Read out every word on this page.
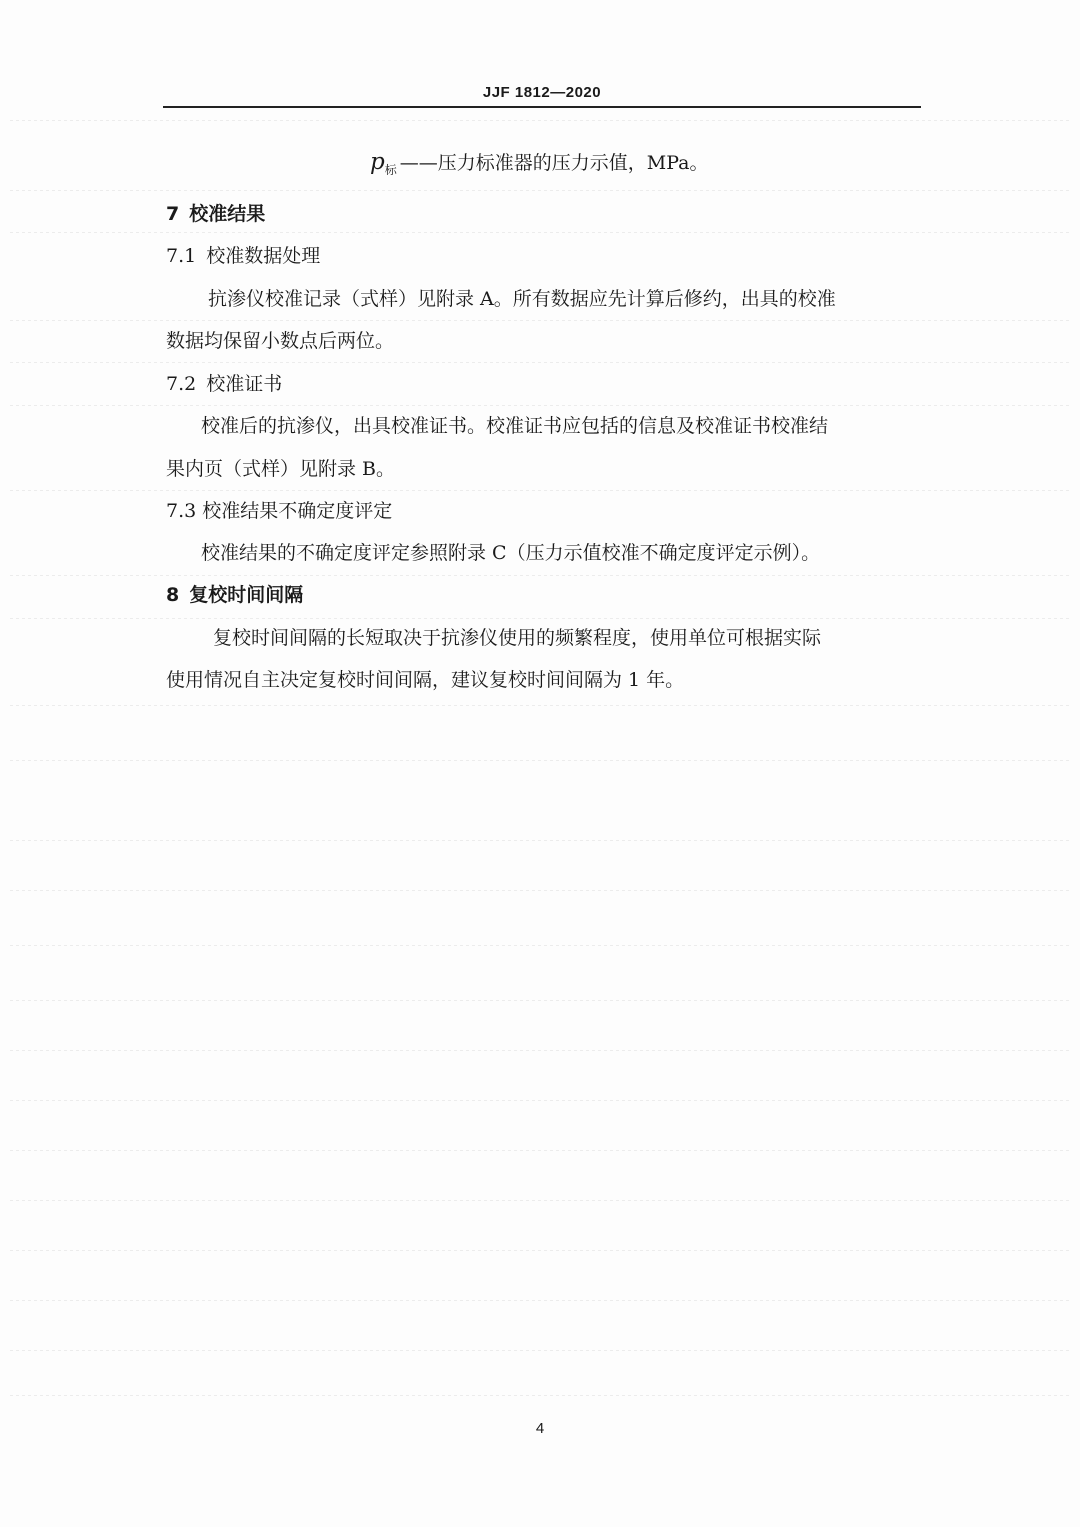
JJF 1812—2020
$p_标$ ——压力标准器的压力示值，MPa。
7 校准结果
7.1 校准数据处理
抗渗仪校准记录（式样）见附录 A。所有数据应先计算后修约，出具的校准
数据均保留小数点后两位。
7.2 校准证书
校准后的抗渗仪，出具校准证书。校准证书应包括的信息及校准证书校准结
果内页（式样）见附录 B。
7.3 校准结果不确定度评定
校准结果的不确定度评定参照附录 C（压力示值校准不确定度评定示例）。
8 复校时间间隔
复校时间间隔的长短取决于抗渗仪使用的频繁程度，使用单位可根据实际
使用情况自主决定复校时间间隔，建议复校时间间隔为 1 年。
4
